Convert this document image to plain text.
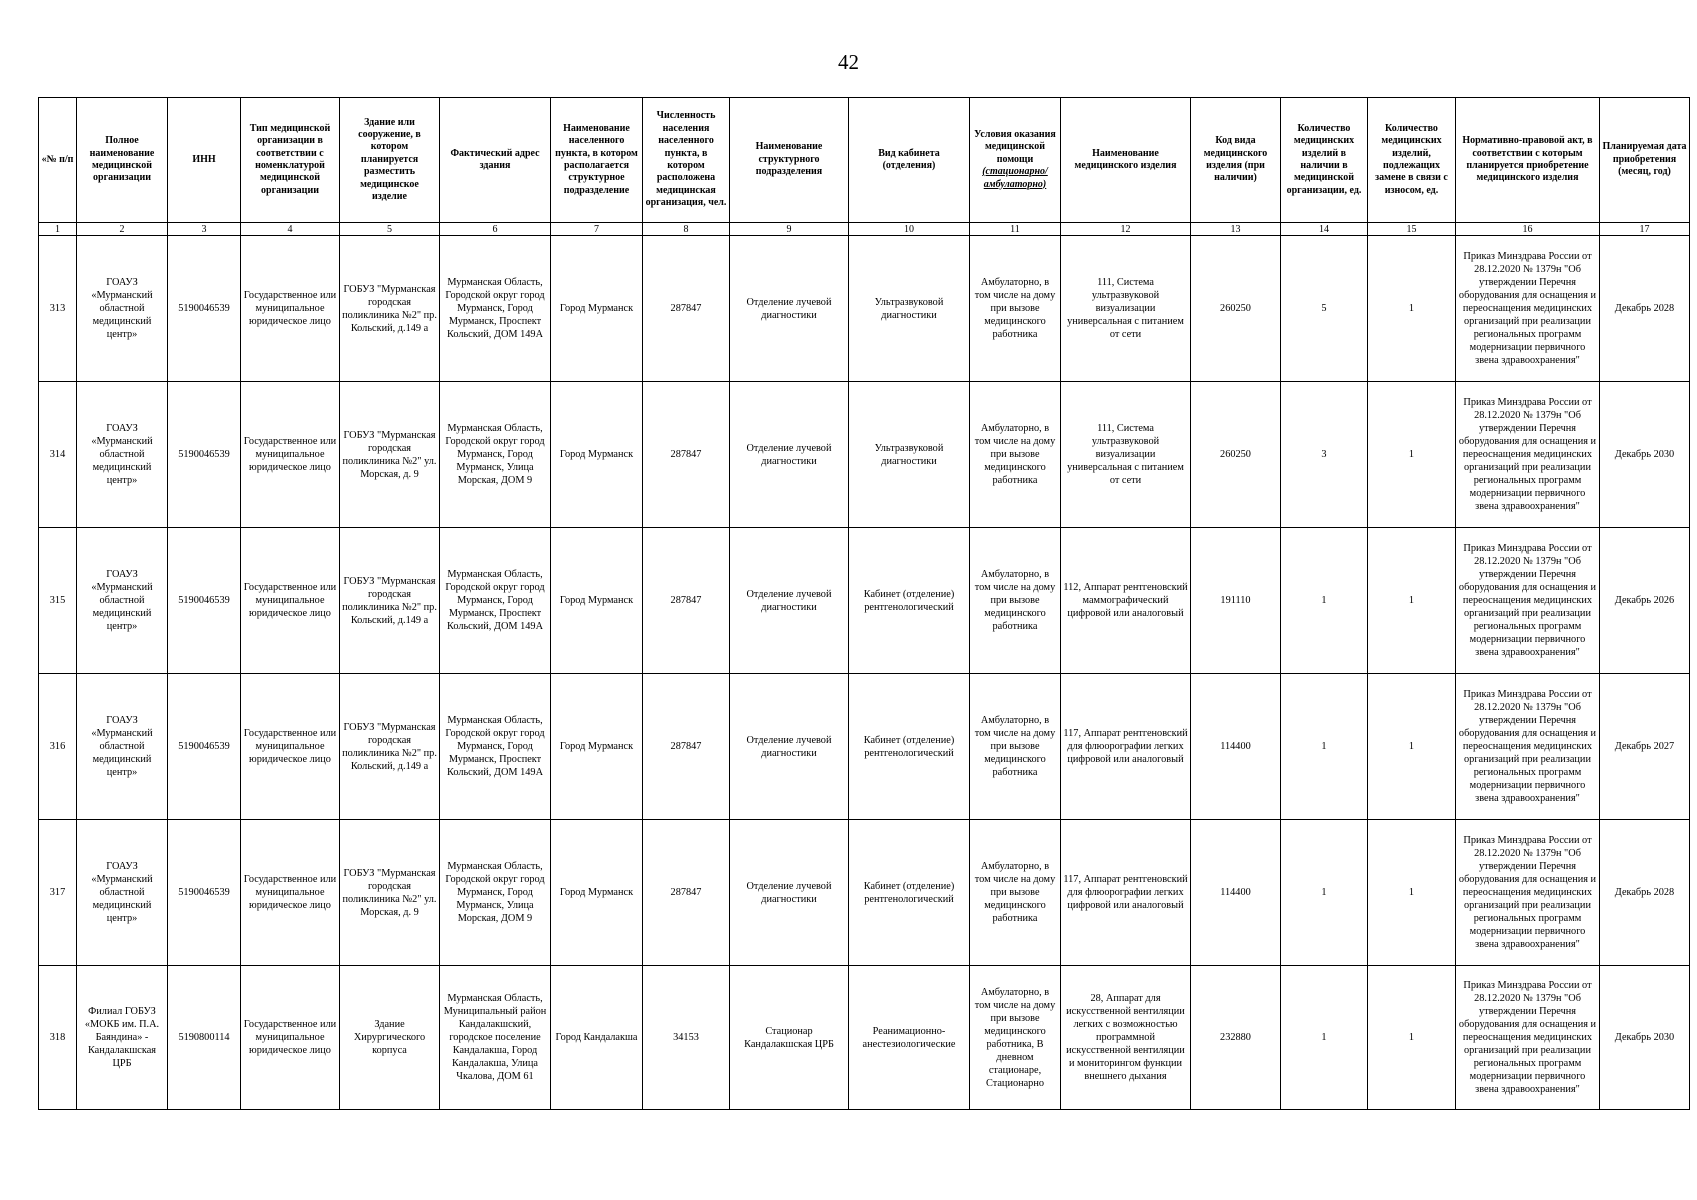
42
«№ п/п	Полное наименование медицинской организации	ИНН	Тип медицинской организации в соответствии с номенклатурой медицинской организации	Здание или сооружение, в котором планируется разместить медицинское изделие	Фактический адрес здания	Наименование населенного пункта, в котором располагается структурное подразделение	Численность населения населенного пункта, в котором расположена медицинская организация, чел.	Наименование структурного подразделения	Вид кабинета (отделения)	Условия оказания медицинской помощи (стационарно/ амбулаторно)	Наименование медицинского изделия	Код вида медицинского изделия (при наличии)	Количество медицинских изделий в наличии в медицинской организации, ед.	Количество медицинских изделий, подлежащих замене в связи с износом, ед.	Нормативно-правовой акт, в соответствии с которым планируется приобретение медицинского изделия	Планируемая дата приобретения (месяц, год)
1	2	3	4	5	6	7	8	9	10	11	12	13	14	15	16	17
313	ГОАУЗ «Мурманский областной медицинский центр»	5190046539	Государственное или муниципальное юридическое лицо	ГОБУЗ "Мурманская городская поликлиника №2" пр. Кольский, д.149 а	Мурманская Область, Городской округ город Мурманск, Город Мурманск, Проспект Кольский, ДОМ 149А	Город Мурманск	287847	Отделение лучевой диагностики	Ультразвуковой диагностики	Амбулаторно, в том числе на дому при вызове медицинского работника	111, Система ультразвуковой визуализации универсальная с питанием от сети	260250	5	1	Приказ Минздрава России от 28.12.2020 № 1379н "Об утверждении Перечня оборудования для оснащения и переоснащения медицинских организаций при реализации региональных программ модернизации первичного звена здравоохранения"	Декабрь 2028
314	ГОАУЗ «Мурманский областной медицинский центр»	5190046539	Государственное или муниципальное юридическое лицо	ГОБУЗ "Мурманская городская поликлиника №2" ул. Морская, д. 9	Мурманская Область, Городской округ город Мурманск, Город Мурманск, Улица Морская, ДОМ 9	Город Мурманск	287847	Отделение лучевой диагностики	Ультразвуковой диагностики	Амбулаторно, в том числе на дому при вызове медицинского работника	111, Система ультразвуковой визуализации универсальная с питанием от сети	260250	3	1	Приказ Минздрава России от 28.12.2020 № 1379н "Об утверждении Перечня оборудования для оснащения и переоснащения медицинских организаций при реализации региональных программ модернизации первичного звена здравоохранения"	Декабрь 2030
315	ГОАУЗ «Мурманский областной медицинский центр»	5190046539	Государственное или муниципальное юридическое лицо	ГОБУЗ "Мурманская городская поликлиника №2" пр. Кольский, д.149 а	Мурманская Область, Городской округ город Мурманск, Город Мурманск, Проспект Кольский, ДОМ 149А	Город Мурманск	287847	Отделение лучевой диагностики	Кабинет (отделение) рентгенологический	Амбулаторно, в том числе на дому при вызове медицинского работника	112, Аппарат рентгеновский маммографический цифровой или аналоговый	191110	1	1	Приказ Минздрава России от 28.12.2020 № 1379н "Об утверждении Перечня оборудования для оснащения и переоснащения медицинских организаций при реализации региональных программ модернизации первичного звена здравоохранения"	Декабрь 2026
316	ГОАУЗ «Мурманский областной медицинский центр»	5190046539	Государственное или муниципальное юридическое лицо	ГОБУЗ "Мурманская городская поликлиника №2" пр. Кольский, д.149 а	Мурманская Область, Городской округ город Мурманск, Город Мурманск, Проспект Кольский, ДОМ 149А	Город Мурманск	287847	Отделение лучевой диагностики	Кабинет (отделение) рентгенологический	Амбулаторно, в том числе на дому при вызове медицинского работника	117, Аппарат рентгеновский для флюорографии легких цифровой или аналоговый	114400	1	1	Приказ Минздрава России от 28.12.2020 № 1379н "Об утверждении Перечня оборудования для оснащения и переоснащения медицинских организаций при реализации региональных программ модернизации первичного звена здравоохранения"	Декабрь 2027
317	ГОАУЗ «Мурманский областной медицинский центр»	5190046539	Государственное или муниципальное юридическое лицо	ГОБУЗ "Мурманская городская поликлиника №2" ул. Морская, д. 9	Мурманская Область, Городской округ город Мурманск, Город Мурманск, Улица Морская, ДОМ 9	Город Мурманск	287847	Отделение лучевой диагностики	Кабинет (отделение) рентгенологический	Амбулаторно, в том числе на дому при вызове медицинского работника	117, Аппарат рентгеновский для флюорографии легких цифровой или аналоговый	114400	1	1	Приказ Минздрава России от 28.12.2020 № 1379н "Об утверждении Перечня оборудования для оснащения и переоснащения медицинских организаций при реализации региональных программ модернизации первичного звена здравоохранения"	Декабрь 2028
318	Филиал ГОБУЗ «МОКБ им. П.А. Баяндина» - Кандалакшская ЦРБ	5190800114	Государственное или муниципальное юридическое лицо	Здание Хирургического корпуса	Мурманская Область, Муниципальный район Кандалакшский, городское поселение Кандалакша, Город Кандалакша, Улица Чкалова, ДОМ 61	Город Кандалакша	34153	Стационар Кандалакшская ЦРБ	Реанимационно-анестезиологические	Амбулаторно, в том числе на дому при вызове медицинского работника, В дневном стационаре, Стационарно	28, Аппарат для искусственной вентиляции легких с возможностью программной искусственной вентиляции и мониторингом функции внешнего дыхания	232880	1	1	Приказ Минздрава России от 28.12.2020 № 1379н "Об утверждении Перечня оборудования для оснащения и переоснащения медицинских организаций при реализации региональных программ модернизации первичного звена здравоохранения"	Декабрь 2030
